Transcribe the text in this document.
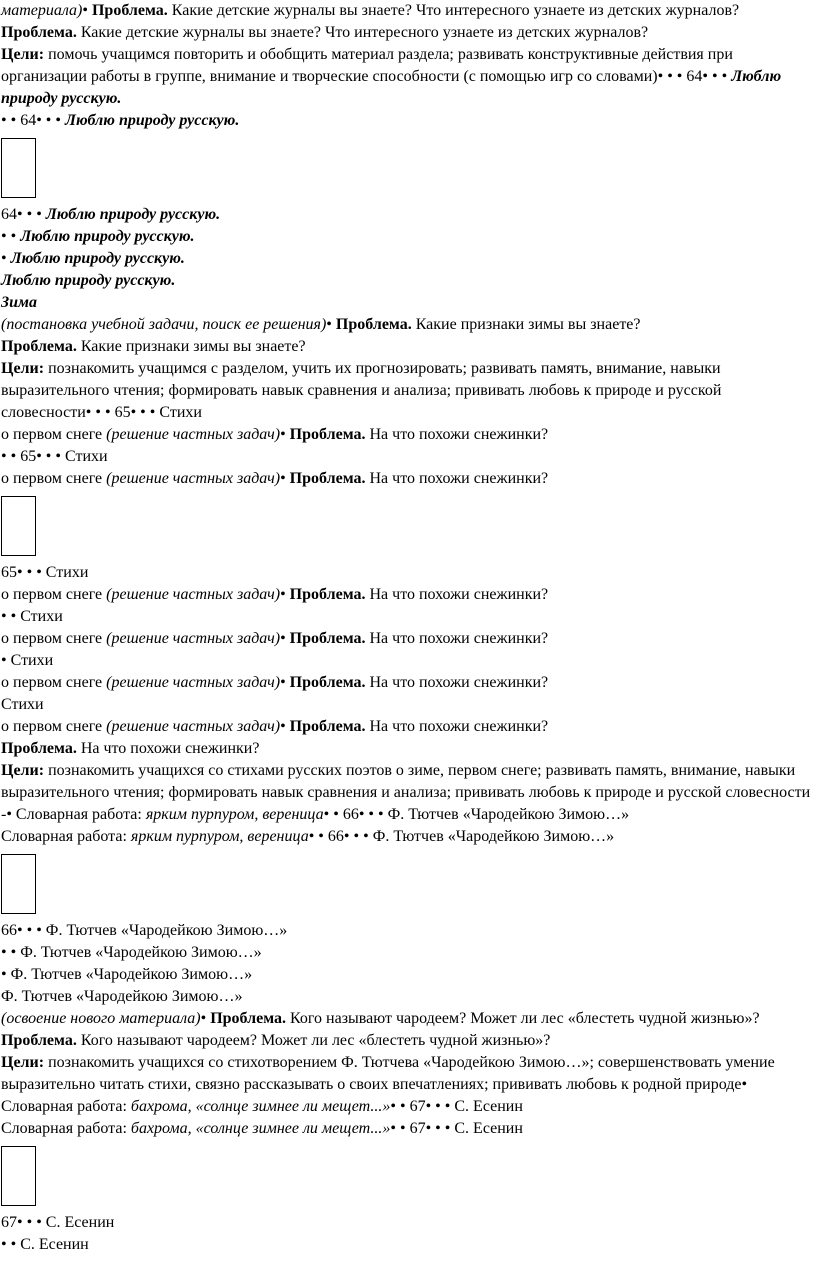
материала)• Проблема. Какие детские журналы вы знаете? Что интересного узнаете из детских журналов?

Проблема. Какие детские журналы вы знаете? Что интересного узнаете из детских журналов?

Цели: помочь учащимся повторить и обобщить материал раздела; развивать конструктивные действия при организации работы в группе, внимание и творческие способности (с помощью игр со словами)• • • 64• • • Люблю природу русскую.

• • 64• • • Люблю природу русскую.

64• • • Люблю природу русскую.

• • Люблю природу русскую.

• Люблю природу русскую.

Люблю природу русскую.

Зима

(постановка учебной задачи, поиск ее решения)• Проблема. Какие признаки зимы вы знаете?

Проблема. Какие признаки зимы вы знаете?

Цели: познакомить учащимся с разделом, учить их прогнозировать; развивать память, внимание, навыки выразительного чтения; формировать навык сравнения и анализа; прививать любовь к природе и русской словесности• • • 65• • • Стихи

о первом снеге (решение частных задач)• Проблема. На что похожи снежинки?

• • 65• • • Стихи

о первом снеге (решение частных задач)• Проблема. На что похожи снежинки?

65• • • Стихи

о первом снеге (решение частных задач)• Проблема. На что похожи снежинки?

• • Стихи

о первом снеге (решение частных задач)• Проблема. На что похожи снежинки?

• Стихи

о первом снеге (решение частных задач)• Проблема. На что похожи снежинки?

Стихи

о первом снеге (решение частных задач)• Проблема. На что похожи снежинки?

Проблема. На что похожи снежинки?

Цели: познакомить учащихся со стихами русских поэтов о зиме, первом снеге; развивать память, внимание, навыки выразительного чтения; формировать навык сравнения и анализа; прививать любовь к природе и русской словесности -• Словарная работа: ярким пурпуром, вереница• • 66• • • Ф. Тютчев «Чародейкою Зимою…»

Словарная работа: ярким пурпуром, вереница• • 66• • • Ф. Тютчев «Чародейкою Зимою…»

66• • • Ф. Тютчев «Чародейкою Зимою…»

• • Ф. Тютчев «Чародейкою Зимою…»

• Ф. Тютчев «Чародейкою Зимою…»

Ф. Тютчев «Чародейкою Зимою…»

(освоение нового материала)• Проблема. Кого называют чародеем? Может ли лес «блестеть чудной жизнью»?

Проблема. Кого называют чародеем? Может ли лес «блестеть чудной жизнью»?

Цели: познакомить учащихся со стихотворением Ф. Тютчева «Чародейкою Зимою…»; совершенствовать умение выразительно читать стихи, связно рассказывать о своих впечатлениях; прививать любовь к родной природе• Словарная работа: бахрома, «солнце зимнее ли мещет...»• • 67• • • С. Есенин

Словарная работа: бахрома, «солнце зимнее ли мещет...»• • 67• • • С. Есенин

67• • • С. Есенин

• • С. Есенин
